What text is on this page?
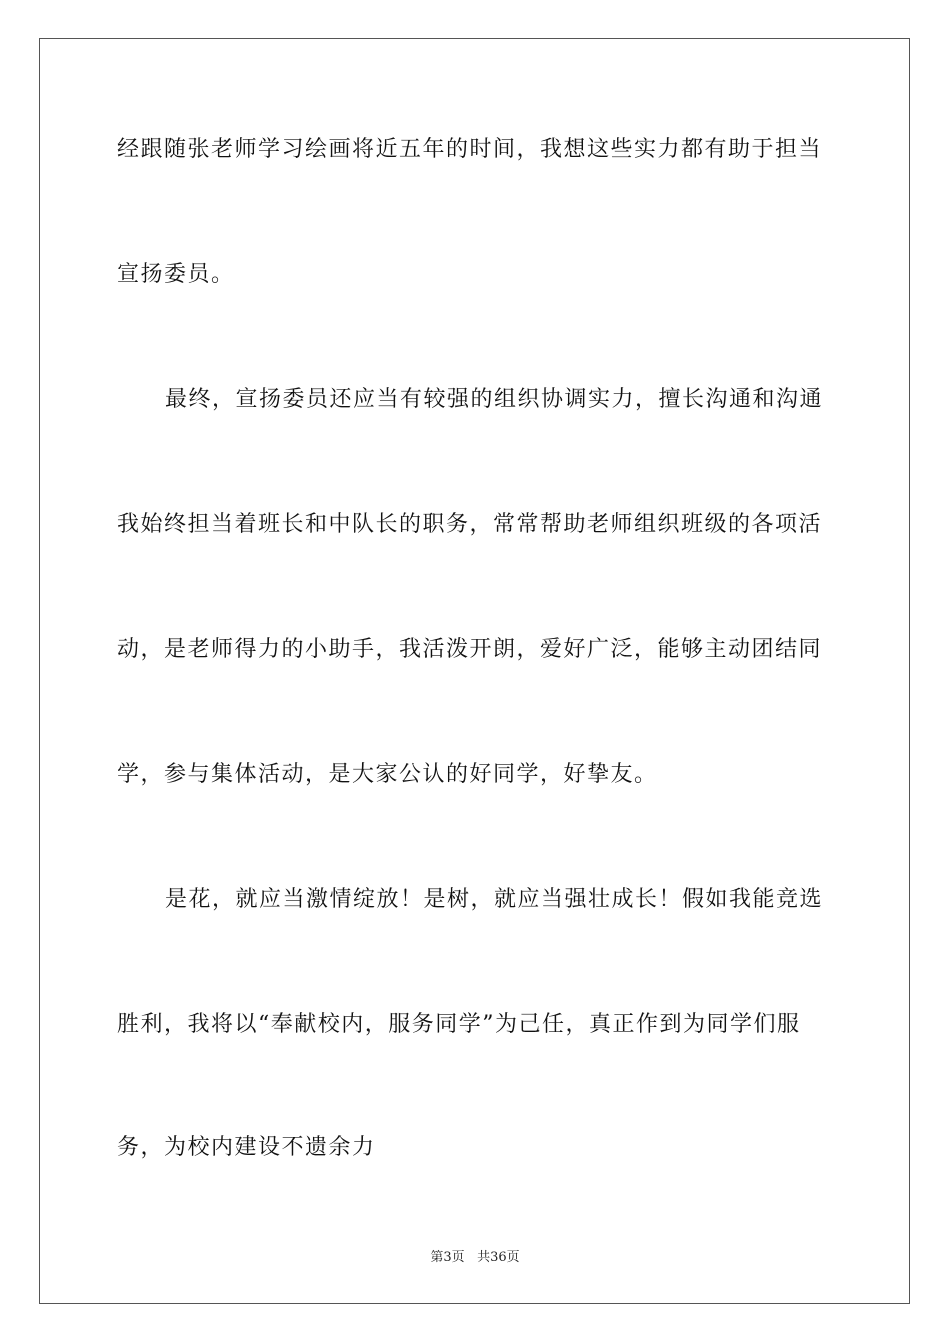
经跟随张老师学习绘画将近五年的时间，我想这些实力都有助于担当
宣扬委员。
最终，宣扬委员还应当有较强的组织协调实力，擅长沟通和沟通
我始终担当着班长和中队长的职务，常常帮助老师组织班级的各项活
动，是老师得力的小助手，我活泼开朗，爱好广泛，能够主动团结同
学，参与集体活动，是大家公认的好同学，好挚友。
是花，就应当激情绽放！是树，就应当强壮成长！假如我能竞选
胜利，我将以“奉献校内，服务同学”为己任，真正作到为同学们服
务，为校内建设不遗余力
第3页 共36页
